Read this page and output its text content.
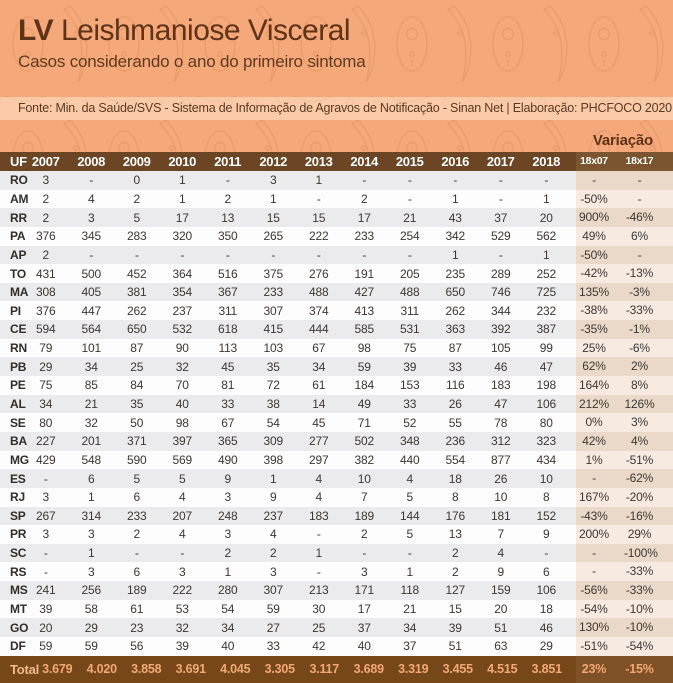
LV Leishmaniose Visceral
Casos considerando o ano do primeiro sintoma
Fonte: Min. da Saúde/SVS - Sistema de Informação de Agravos de Notificação - Sinan Net | Elaboração: PHCFOCO 2020
Variação
UF 2007	2008	2009	2010	2011	2012	2013	2014	2015	2016	2017	2018	18x07	18x17
RO	3	-	0	1	-	3	1	-	-	-	-	-	-	-
AM	2	4	2	1	2	1	-	2	-	1	-	1	-50%	-
RR	2	3	5	17	13	15	15	17	21	43	37	20	900%	-46%
PA 376	345	283	320	350	265	222	233	254	342	529	562	49%	6%
AP	2	-	-	-	-	-	-	-	-	1	-	1	-50%	-
TO 431	500	452	364	516	375	276	191	205	235	289	252	-42%	-13%
MA 308	405	381	354	367	233	488	427	488	650	746	725	135%	-3%
PI	376	447	262	237	311	307	374	413	311	262	344	232	-38%	-33%
CE 594	564	650	532	618	415	444	585	531	363	392	387	-35%	-1%
RN	79	101	87	90	113	103	67	98	75	87	105	99	25%	-6%
PB	29	34	25	32	45	35	34	59	39	33	46	47	62%	2%
PE	75	85	84	70	81	72	61	184	153	116	183	198	164%	8%
AL	34	21	35	40	33	38	14	49	33	26	47	106	212%	126%
SE	80	32	50	98	67	54	45	71	52	55	78	80	0%	3%
BA 227	201	371	397	365	309	277	502	348	236	312	323	42%	4%
MG 429	548	590	569	490	398	297	382	440	554	877	434	1%	-51%
ES	-	6	5	5	9	1	4	10	4	18	26	10	-	-62%
RJ	3	1	6	4	3	9	4	7	5	8	10	8	167%	-20%
SP 267	314	233	207	248	237	183	189	144	176	181	152	-43%	-16%
PR	3	3	2	4	3	4	-	2	5	13	7	9	200%	29%
SC	-	1	-	-	2	2	1	-	-	2	4	-	-	-100%
RS	-	3	6	3	1	3	-	3	1	2	9	6	-	-33%
MS 241	256	189	222	280	307	213	171	118	127	159	106	-56%	-33%
MT	39	58	61	53	54	59	30	17	21	15	20	18	-54%	-10%
GO 20	29	23	32	34	27	25	37	34	39	51	46	130%	-10%
DF	59	59	56	39	40	33	42	40	37	51	63	29	-51%	-54%
Total 3.679	4.020	3.858	3.691	4.045	3.305	3.117	3.689	3.319	3.455	4.515	3.851	23%	-15%
